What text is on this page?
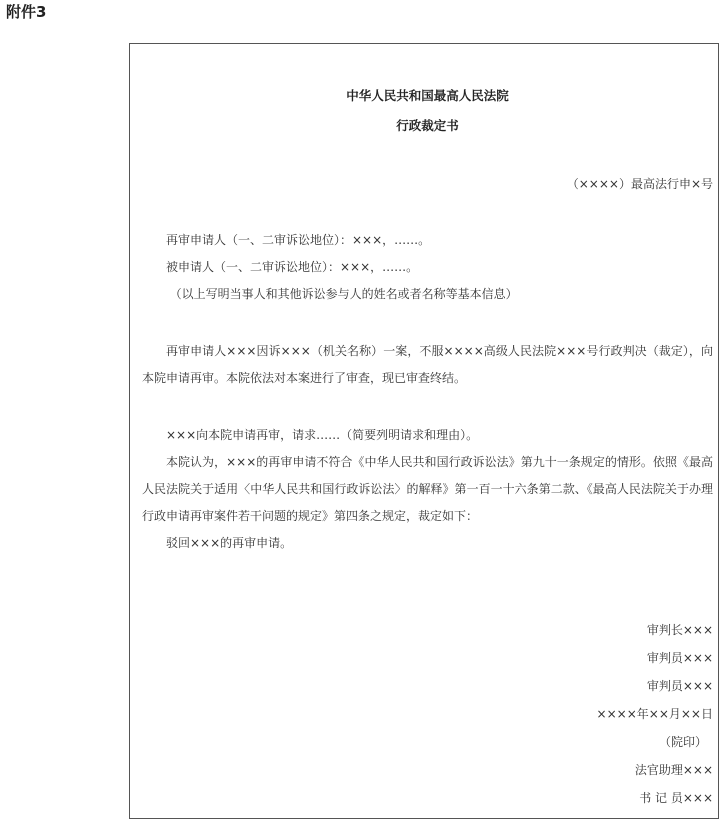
附件3
中华人民共和国最高人民法院
行政裁定书
（××××）最高法行申×号

再审申请人（一、二审诉讼地位）：×××，……。

被申请人（一、二审诉讼地位）：×××，……。

（以上写明当事人和其他诉讼参与人的姓名或者名称等基本信息）

再审申请人×××因诉×××（机关名称）一案，不服××××高级人民法院×××号行政判决（裁定），向本院申请再审。本院依法对本案进行了审查，现已审查终结。

×××向本院申请再审，请求……（简要列明请求和理由）。

本院认为，×××的再审申请不符合《中华人民共和国行政诉讼法》第九十一条规定的情形。依照《最高人民法院关于适用〈中华人民共和国行政诉讼法〉的解释》第一百一十六条第二款、《最高人民法院关于办理行政申请再审案件若干问题的规定》第四条之规定，裁定如下：

驳回×××的再审申请。

审判长×××

审判员×××

审判员×××

××××年××月××日

（院印）

法官助理×××

书 记 员×××
